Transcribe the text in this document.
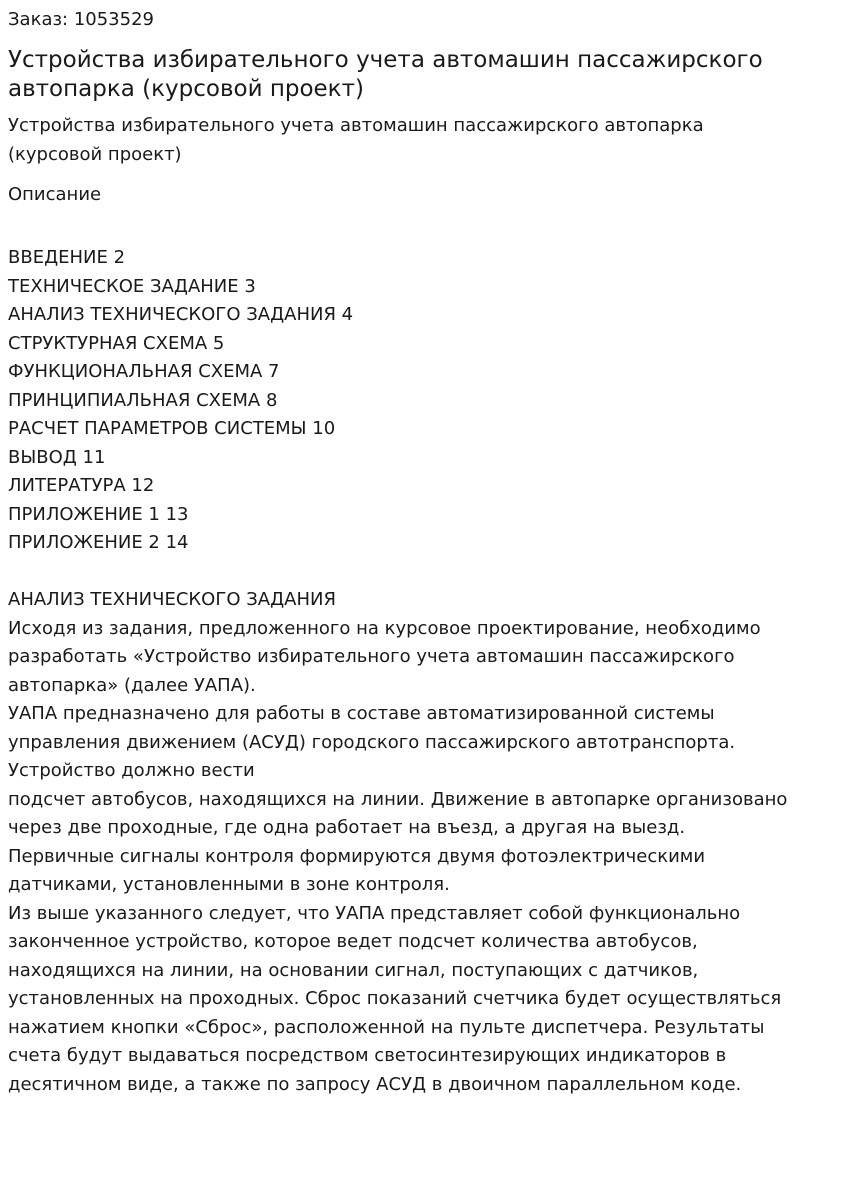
Заказ: 1053529
Устройства избирательного учета автомашин пассажирского
автопарка (курсовой проект)
Устройства избирательного учета автомашин пассажирского автопарка
(курсовой проект)
Описание
ВВЕДЕНИЕ 2
ТЕХНИЧЕСКОЕ ЗАДАНИЕ 3
АНАЛИЗ ТЕХНИЧЕСКОГО ЗАДАНИЯ 4
СТРУКТУРНАЯ СХЕМА 5
ФУНКЦИОНАЛЬНАЯ СХЕМА 7
ПРИНЦИПИАЛЬНАЯ СХЕМА 8
РАСЧЕТ ПАРАМЕТРОВ СИСТЕМЫ 10
ВЫВОД 11
ЛИТЕРАТУРА 12
ПРИЛОЖЕНИЕ 1 13
ПРИЛОЖЕНИЕ 2 14
АНАЛИЗ ТЕХНИЧЕСКОГО ЗАДАНИЯ
Исходя из задания, предложенного на курсовое проектирование, необходимо
разработать «Устройство избирательного учета автомашин пассажирского
автопарка» (далее УАПА).
УАПА предназначено для работы в составе автоматизированной системы
управления движением (АСУД) городского пассажирского автотранспорта.
Устройство должно вести
подсчет автобусов, находящихся на линии. Движение в автопарке организовано
через две проходные, где одна работает на въезд, а другая на выезд.
Первичные сигналы контроля формируются двумя фотоэлектрическими
датчиками, установленными в зоне контроля.
Из выше указанного следует, что УАПА представляет собой функционально
законченное устройство, которое ведет подсчет количества автобусов,
находящихся на линии, на основании сигнал, поступающих с датчиков,
установленных на проходных. Сброс показаний счетчика будет осуществляться
нажатием кнопки «Сброс», расположенной на пульте диспетчера. Результаты
счета будут выдаваться посредством светосинтезирующих индикаторов в
десятичном виде, а также по запросу АСУД в двоичном параллельном коде.
